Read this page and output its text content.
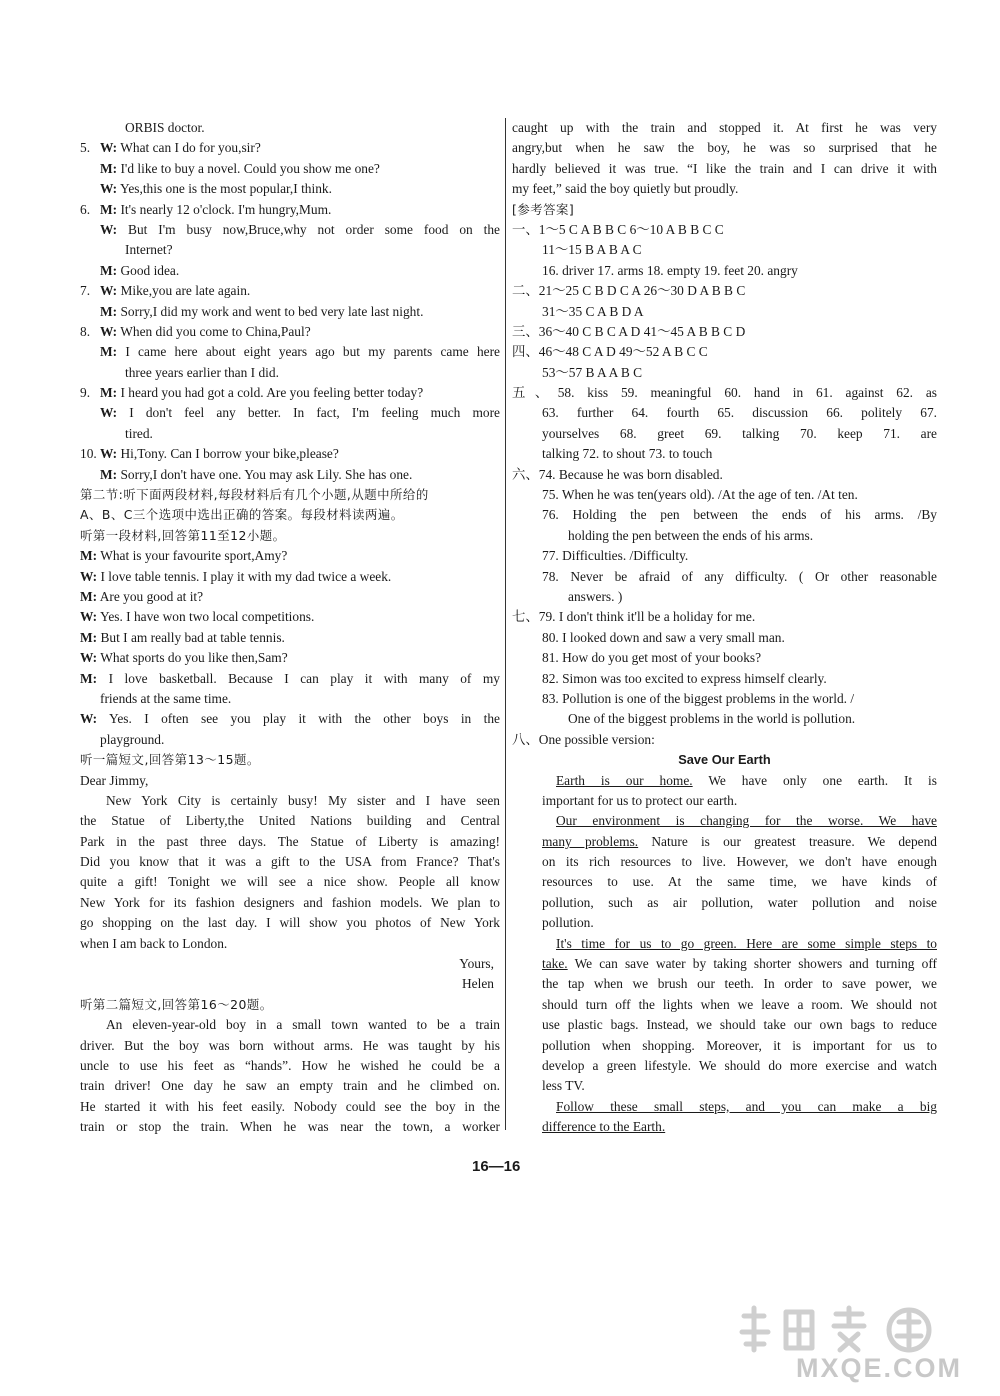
ORBIS doctor.
5. W: What can I do for you,sir?
M: I'd like to buy a novel. Could you show me one?
W: Yes,this one is the most popular,I think.
6. M: It's nearly 12 o'clock. I'm hungry,Mum.
W: But I'm busy now,Bruce,why not order some food on the
Internet?
M: Good idea.
7. W: Mike,you are late again.
M: Sorry,I did my work and went to bed very late last night.
8. W: When did you come to China,Paul?
M: I came here about eight years ago but my parents came here
three years earlier than I did.
9. M: I heard you had got a cold. Are you feeling better today?
W: I don't feel any better. In fact, I'm feeling much more
tired.
10. W: Hi,Tony. Can I borrow your bike,please?
M: Sorry,I don't have one. You may ask Lily. She has one.
第二节:听下面两段材料,每段材料后有几个小题,从题中所给的
A、B、C三个选项中选出正确的答案。每段材料读两遍。
听第一段材料,回答第11至12小题。
M: What is your favourite sport,Amy?
W: I love table tennis. I play it with my dad twice a week.
M: Are you good at it?
W: Yes. I have won two local competitions.
M: But I am really bad at table tennis.
W: What sports do you like then,Sam?
M: I love basketball. Because I can play it with many of my
friends at the same time.
W: Yes. I often see you play it with the other boys in the
playground.
听一篇短文,回答第13～15题。
Dear Jimmy,
New York City is certainly busy! My sister and I have seen
the Statue of Liberty,the United Nations building and Central
Park in the past three days. The Statue of Liberty is amazing!
Did you know that it was a gift to the USA from France? That's
quite a gift! Tonight we will see a nice show. People all know
New York for its fashion designers and fashion models. We plan to
go shopping on the last day. I will show you photos of New York
when I am back to London.
Yours,
Helen
听第二篇短文,回答第16～20题。
An eleven-year-old boy in a small town wanted to be a train
driver. But the boy was born without arms. He was taught by his
uncle to use his feet as “hands”. How he wished he could be a
train driver! One day he saw an empty train and he climbed on.
He started it with his feet easily. Nobody could see the boy in the
train or stop the train. When he was near the town, a worker
caught up with the train and stopped it. At first he was very
angry,but when he saw the boy, he was so surprised that he
hardly believed it was true. “I like the train and I can drive it with
my feet,” said the boy quietly but proudly.
[参考答案]
一、1～5 C A B B C 6～10 A B B C C
11～15 B A B A C
16. driver 17. arms 18. empty 19. feet 20. angry
二、21～25 C B D C A 26～30 D A B B C
31～35 C A B D A
三、36～40 C B C A D 41～45 A B B C D
四、46～48 C A D 49～52 A B C C
53～57 B A A B C
五、58. kiss 59. meaningful 60. hand in 61. against 62. as
63. further 64. fourth 65. discussion 66. politely 67.
yourselves 68. greet 69. talking 70. keep 71. are
talking 72. to shout 73. to touch
六、74. Because he was born disabled.
75. When he was ten(years old). /At the age of ten. /At ten.
76. Holding the pen between the ends of his arms. /By
holding the pen between the ends of his arms.
77. Difficulties. /Difficulty.
78. Never be afraid of any difficulty. ( Or other reasonable
answers. )
七、79. I don't think it'll be a holiday for me.
80. I looked down and saw a very small man.
81. How do you get most of your books?
82. Simon was too excited to express himself clearly.
83. Pollution is one of the biggest problems in the world. /
One of the biggest problems in the world is pollution.
八、One possible version:
Save Our Earth
Earth is our home. We have only one earth. It is
important for us to protect our earth.
Our environment is changing for the worse. We have
many problems. Nature is our greatest treasure. We depend
on its rich resources to live. However, we don't have enough
resources to use. At the same time, we have kinds of
pollution, such as air pollution, water pollution and noise
pollution.
It's time for us to go green. Here are some simple steps to
take. We can save water by taking shorter showers and turning off
the tap when we brush our teeth. In order to save power, we
should turn off the lights when we leave a room. We should not
use plastic bags. Instead, we should take our own bags to reduce
pollution when shopping. Moreover, it is important for us to
develop a green lifestyle. We should do more exercise and watch
less TV.
Follow these small steps, and you can make a big
difference to the Earth.
16—16
MXQE.COM
